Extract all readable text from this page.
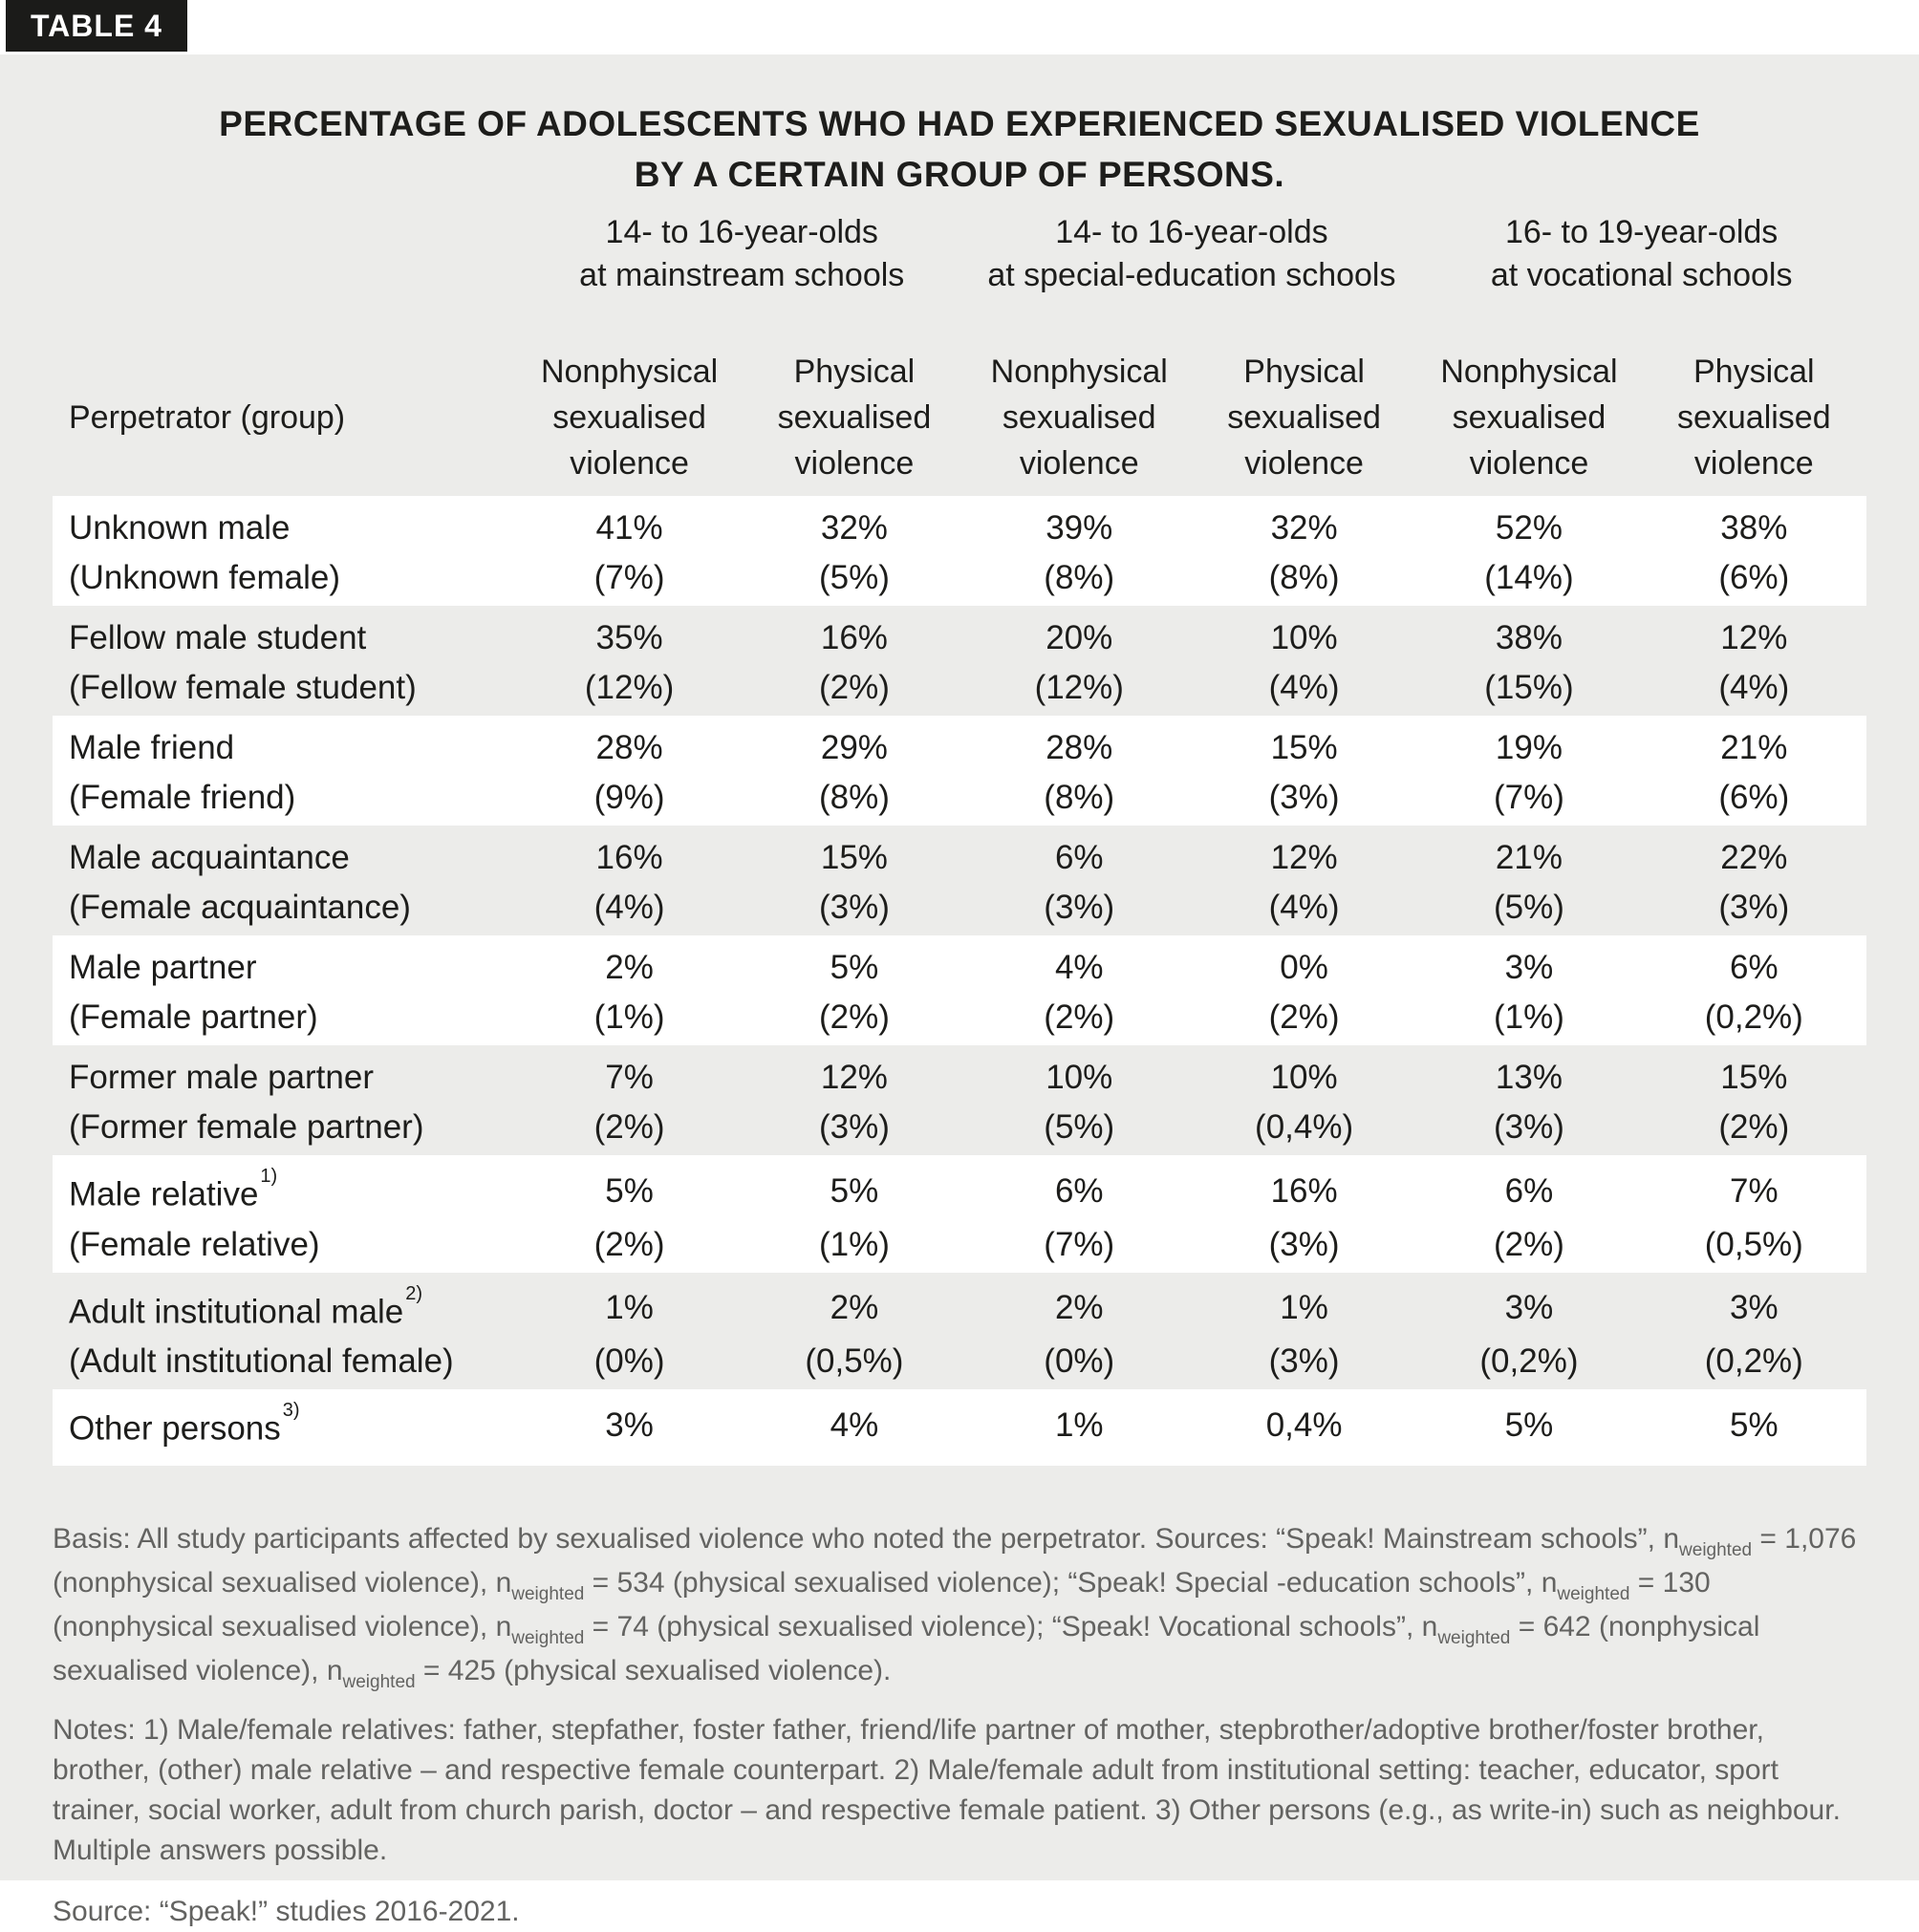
TABLE 4
PERCENTAGE OF ADOLESCENTS WHO HAD EXPERIENCED SEXUALISED VIOLENCE
BY A CERTAIN GROUP OF PERSONS.
	14- to 16-year-olds
at mainstream schools		14- to 16-year-olds
at special-education schools		16- to 19-year-olds
at vocational schools	
Perpetrator (group)	Nonphysical sexualised violence	Physical sexualised violence	Nonphysical sexualised violence	Physical sexualised violence	Nonphysical sexualised violence	Physical sexualised violence
Unknown male	41%	32%	39%	32%	52%	38%
(Unknown female)	(7%)	(5%)	(8%)	(8%)	(14%)	(6%)
Fellow male student	35%	16%	20%	10%	38%	12%
(Fellow female student)	(12%)	(2%)	(12%)	(4%)	(15%)	(4%)
Male friend	28%	29%	28%	15%	19%	21%
(Female friend)	(9%)	(8%)	(8%)	(3%)	(7%)	(6%)
Male acquaintance	16%	15%	6%	12%	21%	22%
(Female acquaintance)	(4%)	(3%)	(3%)	(4%)	(5%)	(3%)
Male partner	2%	5%	4%	0%	3%	6%
(Female partner)	(1%)	(2%)	(2%)	(2%)	(1%)	(0,2%)
Former male partner	7%	12%	10%	10%	13%	15%
(Former female partner)	(2%)	(3%)	(5%)	(0,4%)	(3%)	(2%)
Male relative $^{1)}$	5%	5%	6%	16%	6%	7%
(Female relative)	(2%)	(1%)	(7%)	(3%)	(2%)	(0,5%)
Adult institutional male $^{2)}$	1%	2%	2%	1%	3%	3%
(Adult institutional female)	(0%)	(0,5%)	(0%)	(3%)	(0,2%)	(0,2%)
Other persons $^{3)}$	3%	4%	1%	0,4%	5%	5%

Basis: All study participants affected by sexualised violence who noted the perpetrator. Sources: “Speak! Mainstream schools”, $n_{weighted} = 1,076$ (nonphysical sexualised violence), $n_{weighted} = 534$ (physical sexualised violence); “Speak! Special -education schools”, $n_{weighted} = 130$ (nonphysical sexualised violence), $n_{weighted} = 74$ (physical sexualised violence); “Speak! Vocational schools”, $n_{weighted} = 642$ (nonphysical sexualised violence), $n_{weighted} = 425$ (physical sexualised violence).

Notes: 1) Male/female relatives: father, stepfather, foster father, friend/life partner of mother, stepbrother/adoptive brother/foster brother, brother, (other) male relative – and respective female counterpart. 2) Male/female adult from institutional setting: teacher, educator, sport trainer, social worker, adult from church parish, doctor – and respective female patient. 3) Other persons (e.g., as write-in) such as neighbour. Multiple answers possible.

Source: “Speak!” studies 2016-2021.
